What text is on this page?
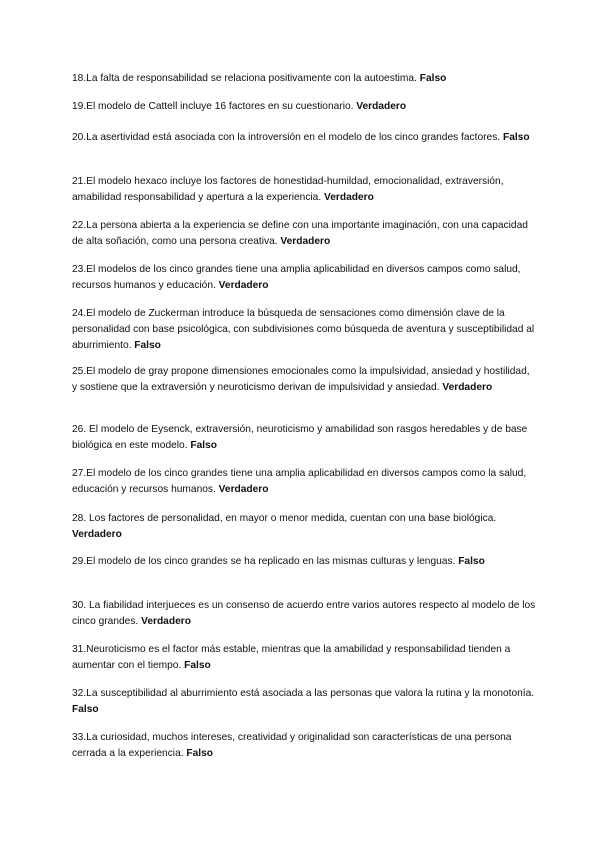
18.La falta de responsabilidad se relaciona positivamente con la autoestima. Falso

19.El modelo de Cattell incluye 16 factores en su cuestionario. Verdadero

20.La asertividad está asociada con la introversión en el modelo de los cinco grandes factores. Falso

21.El modelo hexaco incluye los factores de honestidad-humildad, emocionalidad, extraversión, amabilidad responsabilidad y apertura a la experiencia. Verdadero

22.La persona abierta a la experiencia se define con una importante imaginación, con una capacidad de alta soñación, como una persona creativa. Verdadero

23.El modelos de los cinco grandes tiene una amplia aplicabilidad en diversos campos como salud, recursos humanos y educación. Verdadero

24.El modelo de Zuckerman introduce la búsqueda de sensaciones como dimensión clave de la personalidad con base psicológica, con subdivisiones como búsqueda de aventura y susceptibilidad al aburrimiento. Falso

25.El modelo de gray propone dimensiones emocionales como la impulsividad, ansiedad y hostilidad, y sostiene que la extraversión y neuroticismo derivan de impulsividad y ansiedad. Verdadero

26. El modelo de Eysenck, extraversión, neuroticismo y amabilidad son rasgos heredables y de base biológica en este modelo. Falso

27.El modelo de los cinco grandes tiene una amplia aplicabilidad en diversos campos como la salud, educación y recursos humanos. Verdadero

28. Los factores de personalidad, en mayor o menor medida, cuentan con una base biológica. Verdadero

29.El modelo de los cinco grandes se ha replicado en las mismas culturas y lenguas. Falso

30. La fiabilidad interjueces es un consenso de acuerdo entre varios autores respecto al modelo de los cinco grandes. Verdadero

31.Neuroticismo es el factor más estable, mientras que la amabilidad y responsabilidad tienden a aumentar con el tiempo. Falso

32.La susceptibilidad al aburrimiento está asociada a las personas que valora la rutina y la monotonía. Falso

33.La curiosidad, muchos intereses, creatividad y originalidad son características de una persona cerrada a la experiencia. Falso
